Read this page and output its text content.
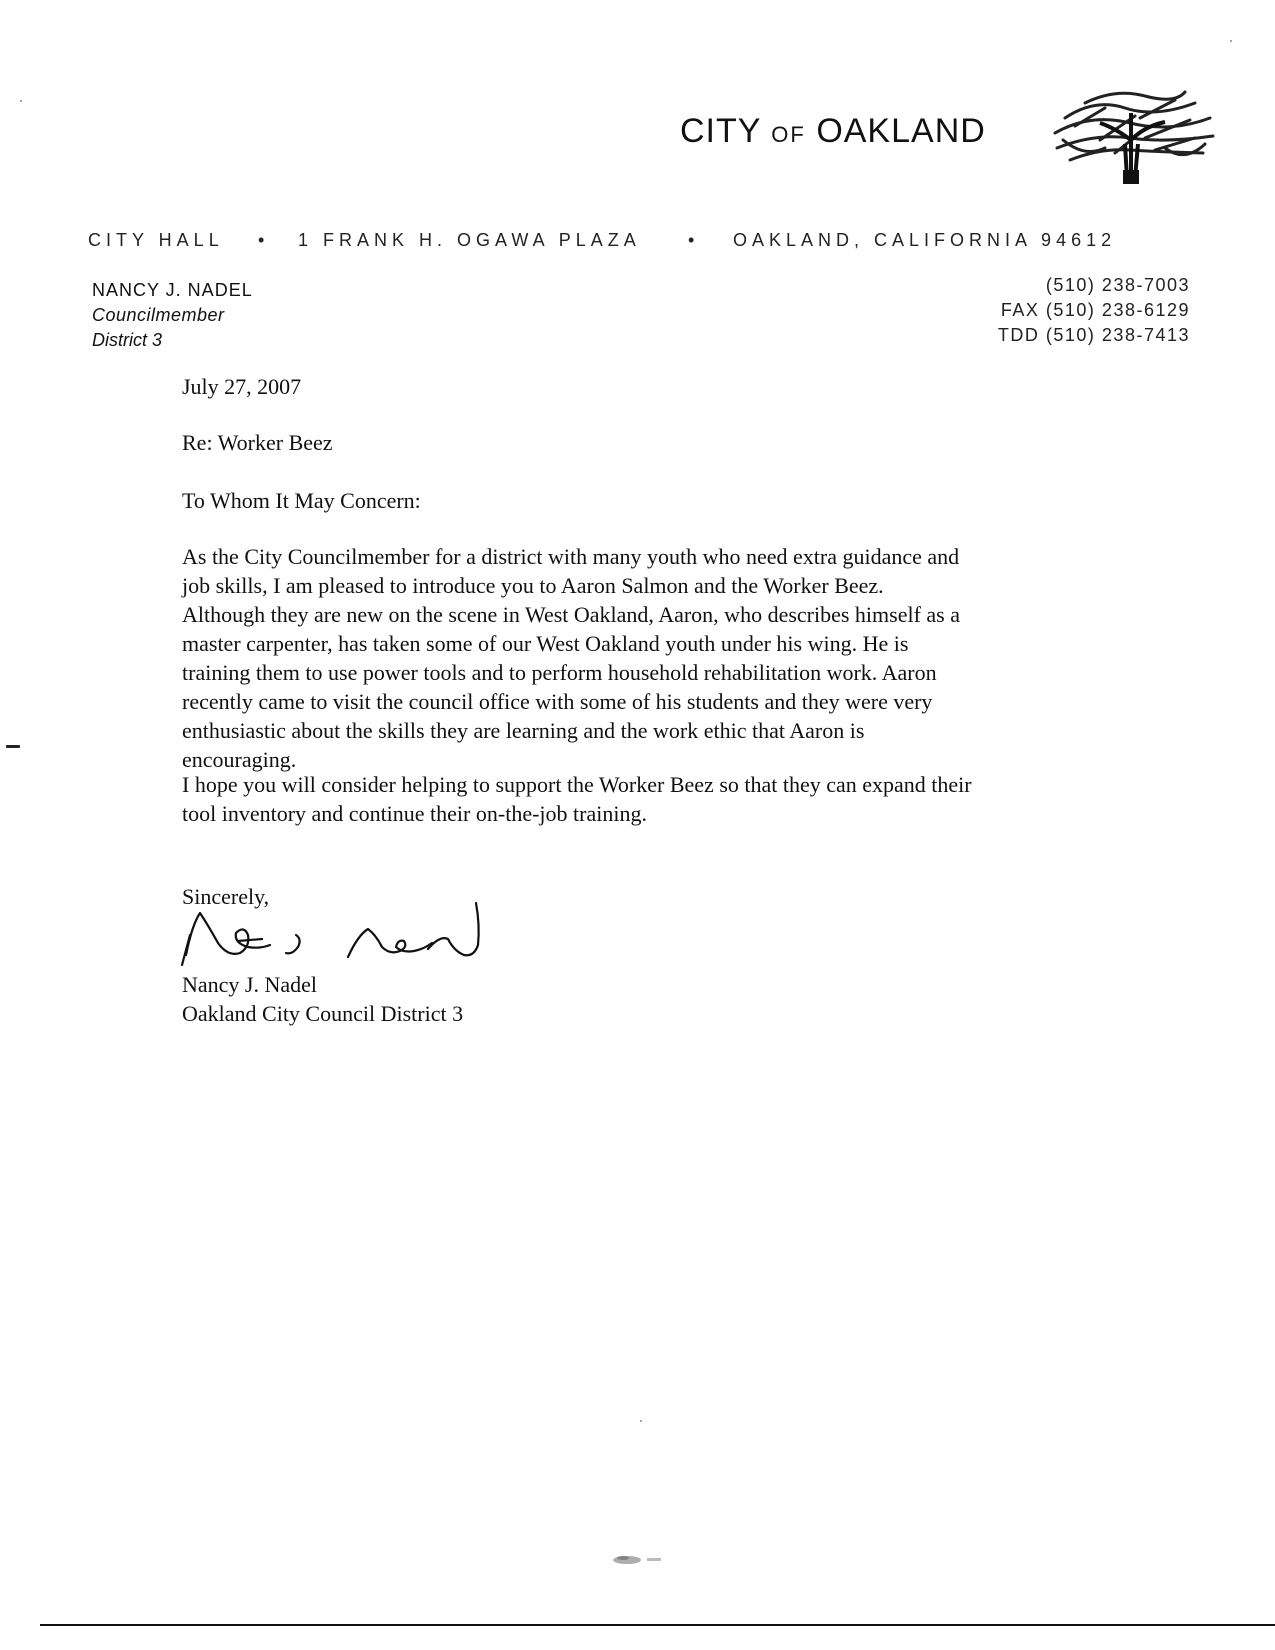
CITY OF OAKLAND
CITY HALL • 1 FRANK H. OGAWA PLAZA	• OAKLAND, CALIFORNIA 94612
NANCY J. NADEL
Councilmember
District 3
(510) 238-7003
FAX (510) 238-6129
TDD (510) 238-7413
July 27, 2007
Re: Worker Beez
To Whom It May Concern:
As the City Councilmember for a district with many youth who need extra guidance and
job skills, I am pleased to introduce you to Aaron Salmon and the Worker Beez.
Although they are new on the scene in West Oakland, Aaron, who describes himself as a
master carpenter, has taken some of our West Oakland youth under his wing. He is
training them to use power tools and to perform household rehabilitation work. Aaron
recently came to visit the council office with some of his students and they were very
enthusiastic about the skills they are learning and the work ethic that Aaron is
encouraging.
I hope you will consider helping to support the Worker Beez so that they can expand their
tool inventory and continue their on-the-job training.
Sincerely,
Nancy J. Nadel
Oakland City Council District 3
